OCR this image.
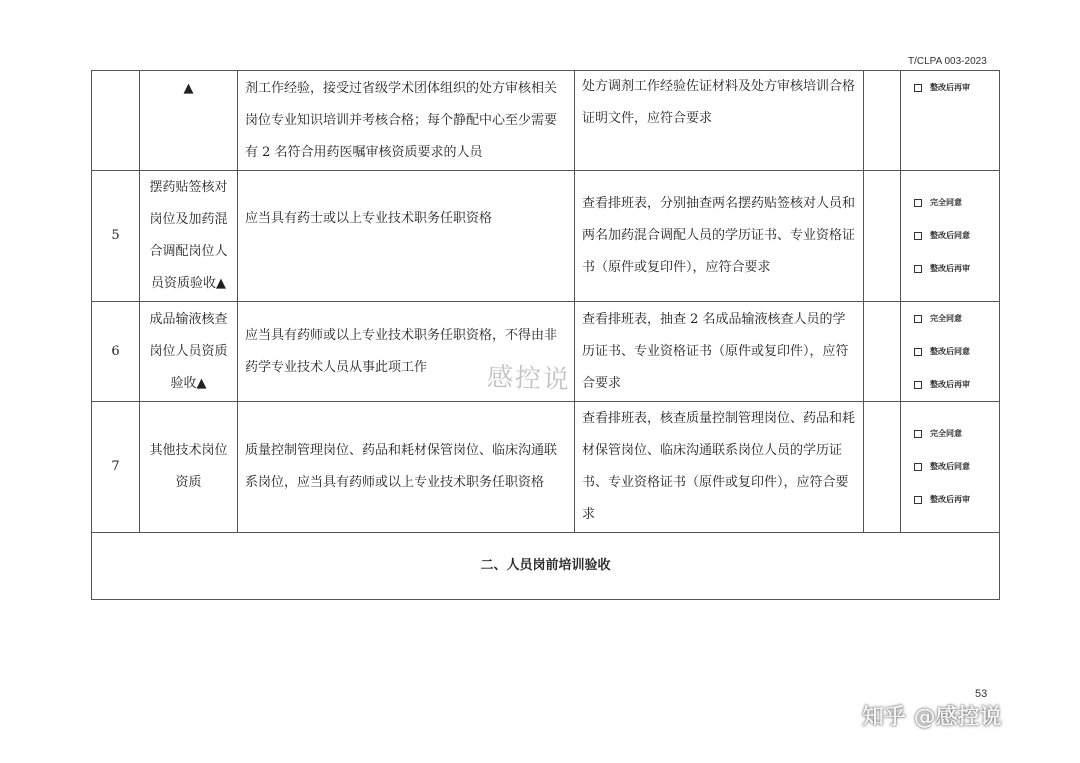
T/CLPA 003-2023
	▲	剂工作经验，接受过省级学术团体组织的处方审核相关岗位专业知识培训并考核合格；每个静配中心至少需要有 2 名符合用药医嘱审核资质要求的人员	处方调剂工作经验佐证材料及处方审核培训合格证明文件，应符合要求		整改后再审

5	摆药贴签核对岗位及加药混合调配岗位人员资质验收▲	应当具有药士或以上专业技术职务任职资格	查看排班表，分别抽查两名摆药贴签核对人员和两名加药混合调配人员的学历证书、专业资格证书（原件或复印件），应符合要求		完全同意
整改后同意
整改后再审

6	成品输液核查岗位人员资质验收▲	应当具有药师或以上专业技术职务任职资格，不得由非药学专业技术人员从事此项工作	查看排班表，抽查 2 名成品输液核查人员的学历证书、专业资格证书（原件或复印件），应符合要求		完全同意
整改后同意
整改后再审

7	其他技术岗位资质	质量控制管理岗位、药品和耗材保管岗位、临床沟通联系岗位，应当具有药师或以上专业技术职务任职资格	查看排班表，核查质量控制管理岗位、药品和耗材保管岗位、临床沟通联系岗位人员的学历证书、专业资格证书（原件或复印件），应符合要求		完全同意
整改后同意
整改后再审

二、人员岗前培训验收					
感控说
53
知乎 @感控说
